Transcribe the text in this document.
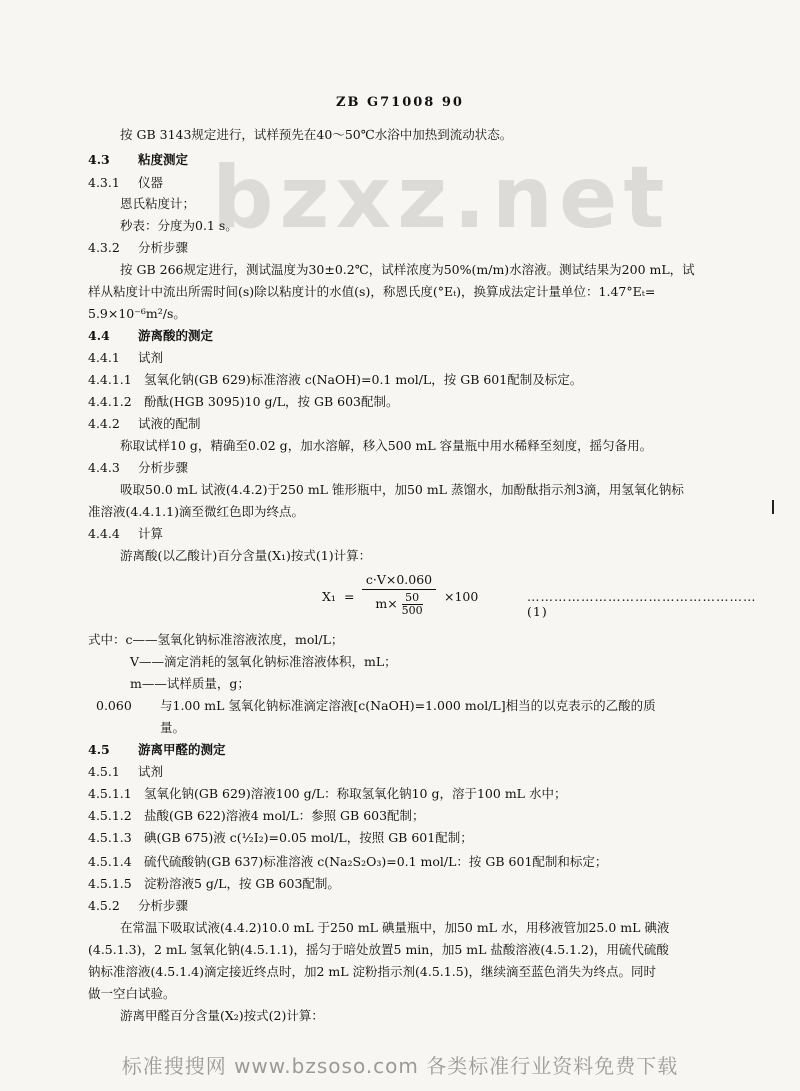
ZB G71008 90
bzxz.net
按 GB 3143规定进行，试样预先在40～50℃水浴中加热到流动状态。
4.3 粘度测定
4.3.1 仪器
恩氏粘度计；
秒表：分度为0.1 s。
4.3.2 分析步骤
按 GB 266规定进行，测试温度为30±0.2℃，试样浓度为50%(m/m)水溶液。测试结果为200 mL，试
样从粘度计中流出所需时间(s)除以粘度计的水值(s)，称恩氏度(°Eₜ)，换算成法定计量单位：1.47°Eₜ=
5.9×10⁻⁶m²/s。
4.4 游离酸的测定
4.4.1 试剂
4.4.1.1 氢氧化钠(GB 629)标准溶液 c(NaOH)=0.1 mol/L，按 GB 601配制及标定。
4.4.1.2 酚酞(HGB 3095)10 g/L，按 GB 603配制。
4.4.2 试液的配制
称取试样10 g，精确至0.02 g，加水溶解，移入500 mL 容量瓶中用水稀释至刻度，摇匀备用。
4.4.3 分析步骤
吸取50.0 mL 试液(4.4.2)于250 mL 锥形瓶中，加50 mL 蒸馏水，加酚酞指示剂3滴，用氢氧化钠标
准溶液(4.4.1.1)滴至微红色即为终点。
4.4.4 计算
游离酸(以乙酸计)百分含量(X₁)按式(1)计算：
$X_1 = \frac{c\cdot V\times 0.060}{m\times \frac{50}{500}} \times 100$	……………………………………………(1)
式中：c——氢氧化钠标准溶液浓度，mol/L；
V——滴定消耗的氢氧化钠标准溶液体积，mL；
m——试样质量，g；
0.060 与1.00 mL 氢氧化钠标准滴定溶液[c(NaOH)=1.000 mol/L]相当的以克表示的乙酸的质
量。
4.5 游离甲醛的测定
4.5.1 试剂
4.5.1.1 氢氧化钠(GB 629)溶液100 g/L：称取氢氧化钠10 g，溶于100 mL 水中；
4.5.1.2 盐酸(GB 622)溶液4 mol/L：参照 GB 603配制；
4.5.1.3 碘(GB 675)液 c(½I₂)=0.05 mol/L，按照 GB 601配制；
4.5.1.4 硫代硫酸钠(GB 637)标准溶液 c(Na₂S₂O₃)=0.1 mol/L：按 GB 601配制和标定；
4.5.1.5 淀粉溶液5 g/L，按 GB 603配制。
4.5.2 分析步骤
在常温下吸取试液(4.4.2)10.0 mL 于250 mL 碘量瓶中，加50 mL 水，用移液管加25.0 mL 碘液
(4.5.1.3)，2 mL 氢氧化钠(4.5.1.1)，摇匀于暗处放置5 min，加5 mL 盐酸溶液(4.5.1.2)，用硫代硫酸
钠标准溶液(4.5.1.4)滴定接近终点时，加2 mL 淀粉指示剂(4.5.1.5)，继续滴至蓝色消失为终点。同时
做一空白试验。
游离甲醛百分含量(X₂)按式(2)计算：
标准搜搜网 www.bzsoso.com 各类标准行业资料免费下载
